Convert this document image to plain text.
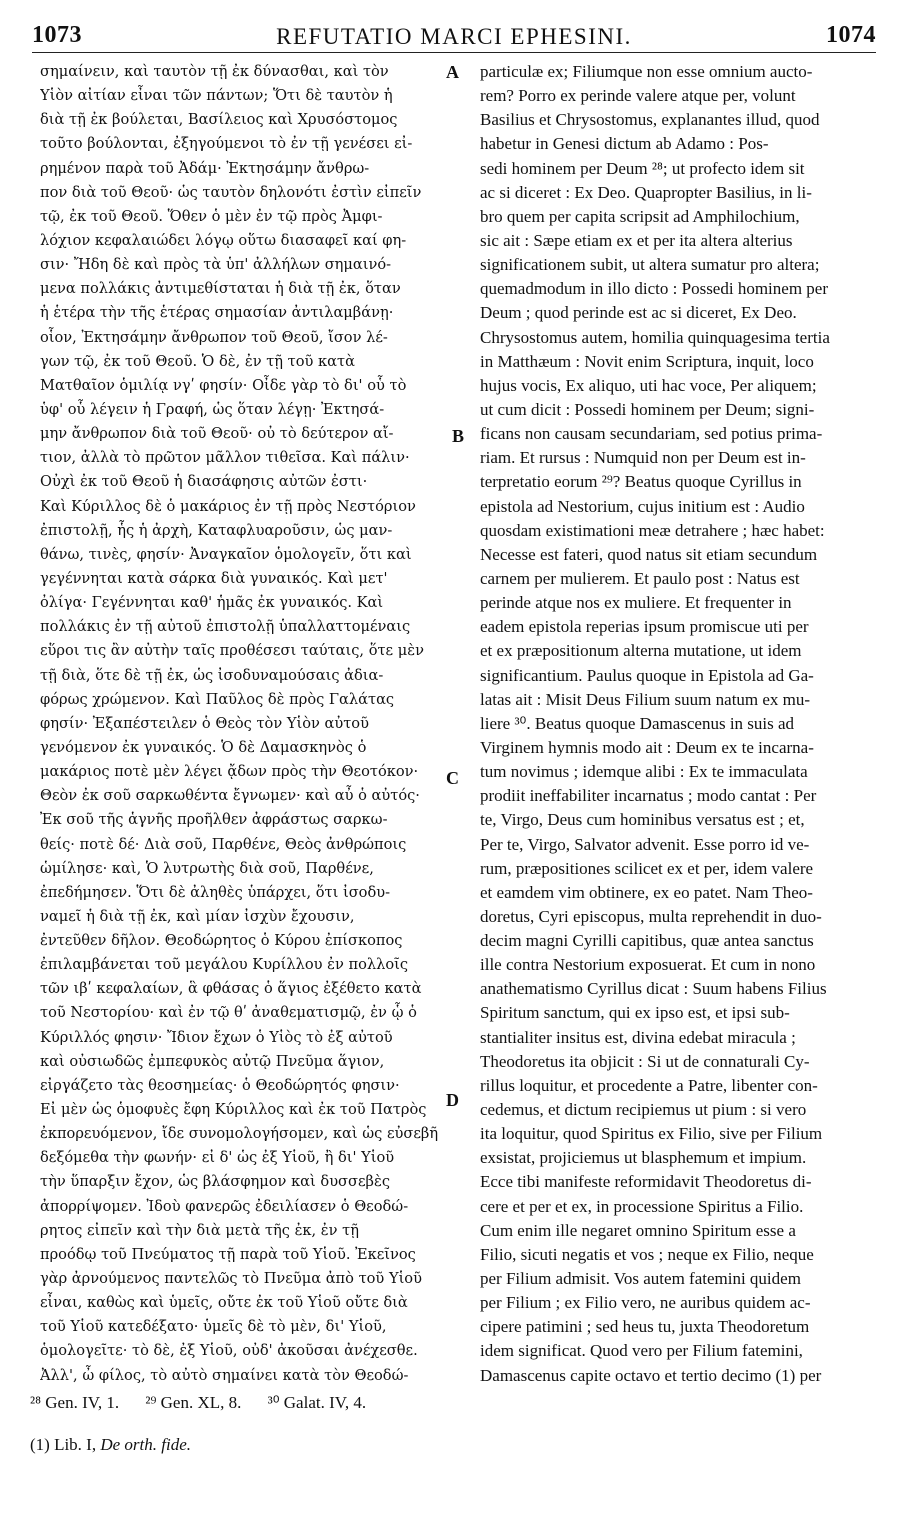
1073	REFUTATIO MARCI EPHESINI.	1074
σημαίνειν, καὶ ταυτὸν τῇ ἐκ δύνασθαι, καὶ τὸν
Υἱὸν αἰτίαν εἶναι τῶν πάντων; Ὅτι δὲ ταυτὸν ἡ
διὰ τῇ ἐκ βούλεται, Βασίλειος καὶ Χρυσόστομος
τοῦτο βούλονται, ἐξηγούμενοι τὸ ἐν τῇ γενέσει εἰ-
ρημένον παρὰ τοῦ Ἀδάμ· Ἐκτησάμην ἄνθρω-
πον διὰ τοῦ Θεοῦ· ὡς ταυτὸν δηλονότι ἐστὶν εἰπεῖν
τῷ, ἐκ τοῦ Θεοῦ. Ὅθεν ὁ μὲν ἐν τῷ πρὸς Ἀμφι-
λόχιον κεφαλαιώδει λόγῳ οὕτω διασαφεῖ καί φη-
σιν· Ἤδη δὲ καὶ πρὸς τὰ ὑπ' ἀλλήλων σημαινό-
μενα πολλάκις ἀντιμεθίσταται ἡ διὰ τῇ ἐκ, ὅταν
ἡ ἑτέρα τὴν τῆς ἑτέρας σημασίαν ἀντιλαμβάνῃ·
οἷον, Ἐκτησάμην ἄνθρωπον τοῦ Θεοῦ, ἴσον λέ-
γων τῷ, ἐκ τοῦ Θεοῦ. Ὁ δὲ, ἐν τῇ τοῦ κατὰ
Ματθαῖον ὁμιλίᾳ νγʹ φησίν· Οἶδε γὰρ τὸ δι' οὗ τὸ
ὑφ' οὗ λέγειν ἡ Γραφή, ὡς ὅταν λέγῃ· Ἐκτησά-
μην ἄνθρωπον διὰ τοῦ Θεοῦ· οὐ τὸ δεύτερον αἴ-
τιον, ἀλλὰ τὸ πρῶτον μᾶλλον τιθεῖσα. Καὶ πάλιν·
Οὐχὶ ἐκ τοῦ Θεοῦ ἡ διασάφησις αὐτῶν ἐστι·
Καὶ Κύριλλος δὲ ὁ μακάριος ἐν τῇ πρὸς Νεστόριον
ἐπιστολῇ, ἧς ἡ ἀρχὴ, Καταφλυαροῦσιν, ὡς μαν-
θάνω, τινὲς, φησίν· Ἀναγκαῖον ὁμολογεῖν, ὅτι καὶ
γεγέννηται κατὰ σάρκα διὰ γυναικός. Καὶ μετ'
ὀλίγα· Γεγέννηται καθ' ἡμᾶς ἐκ γυναικός. Καὶ
πολλάκις ἐν τῇ αὐτοῦ ἐπιστολῇ ὑπαλλαττομέναις
εὕροι τις ἂν αὐτὴν ταῖς προθέσεσι ταύταις, ὅτε μὲν
τῇ διὰ, ὅτε δὲ τῇ ἐκ, ὡς ἰσοδυναμούσαις ἀδια-
φόρως χρώμενον. Καὶ Παῦλος δὲ πρὸς Γαλάτας
φησίν· Ἐξαπέστειλεν ὁ Θεὸς τὸν Υἱὸν αὐτοῦ
γενόμενον ἐκ γυναικός. Ὁ δὲ Δαμασκηνὸς ὁ
μακάριος ποτὲ μὲν λέγει ᾄδων πρὸς τὴν Θεοτόκον·
Θεὸν ἐκ σοῦ σαρκωθέντα ἔγνωμεν· καὶ αὖ ὁ αὐτός·
Ἐκ σοῦ τῆς ἁγνῆς προῆλθεν ἀφράστως σαρκω-
θείς· ποτὲ δέ· Διὰ σοῦ, Παρθένε, Θεὸς ἀνθρώποις
ὡμίλησε· καὶ, Ὁ λυτρωτὴς διὰ σοῦ, Παρθένε,
ἐπεδήμησεν. Ὅτι δὲ ἀληθὲς ὑπάρχει, ὅτι ἰσοδυ-
ναμεῖ ἡ διὰ τῇ ἐκ, καὶ μίαν ἰσχὺν ἔχουσιν,
ἐντεῦθεν δῆλον. Θεοδώρητος ὁ Κύρου ἐπίσκοπος
ἐπιλαμβάνεται τοῦ μεγάλου Κυρίλλου ἐν πολλοῖς
τῶν ιβʹ κεφαλαίων, ἃ φθάσας ὁ ἅγιος ἐξέθετο κατὰ
τοῦ Νεστορίου· καὶ ἐν τῷ θʹ ἀναθεματισμῷ, ἐν ᾧ ὁ
Κύριλλός φησιν· Ἴδιον ἔχων ὁ Υἱὸς τὸ ἐξ αὐτοῦ
καὶ οὐσιωδῶς ἐμπεφυκὸς αὐτῷ Πνεῦμα ἅγιον,
εἰργάζετο τὰς θεοσημείας· ὁ Θεοδώρητός φησιν·
Εἰ μὲν ὡς ὁμοφυὲς ἔφη Κύριλλος καὶ ἐκ τοῦ Πατρὸς
ἐκπορευόμενον, ἴδε συνομολογήσομεν, καὶ ὡς εὐσεβῆ
δεξόμεθα τὴν φωνήν· εἰ δ' ὡς ἐξ Υἱοῦ, ἢ δι' Υἱοῦ
τὴν ὕπαρξιν ἔχον, ὡς βλάσφημον καὶ δυσσεβὲς
ἀπορρίψομεν. Ἰδοὺ φανερῶς ἐδειλίασεν ὁ Θεοδώ-
ρητος εἰπεῖν καὶ τὴν διὰ μετὰ τῆς ἐκ, ἐν τῇ
προόδῳ τοῦ Πνεύματος τῇ παρὰ τοῦ Υἱοῦ. Ἐκεῖνος
γὰρ ἀρνούμενος παντελῶς τὸ Πνεῦμα ἀπὸ τοῦ Υἱοῦ
εἶναι, καθὼς καὶ ὑμεῖς, οὔτε ἐκ τοῦ Υἱοῦ οὔτε διὰ
τοῦ Υἱοῦ κατεδέξατο· ὑμεῖς δὲ τὸ μὲν, δι' Υἱοῦ,
ὁμολογεῖτε· τὸ δὲ, ἐξ Υἱοῦ, οὐδ' ἀκοῦσαι ἀνέχεσθε.
Ἀλλ', ὦ φίλος, τὸ αὐτὸ σημαίνει κατὰ τὸν Θεοδώ-
particulæ ex; Filiumque non esse omnium aucto-
rem? Porro ex perinde valere atque per, volunt
Basilius et Chrysostomus, explanantes illud, quod
habetur in Genesi dictum ab Adamo : Pos-
sedi hominem per Deum ²⁸; ut profecto idem sit
ac si diceret : Ex Deo. Quapropter Basilius, in li-
bro quem per capita scripsit ad Amphilochium,
sic ait : Sæpe etiam ex et per ita altera alterius
significationem subit, ut altera sumatur pro altera;
quemadmodum in illo dicto : Possedi hominem per
Deum ; quod perinde est ac si diceret, Ex Deo.
Chrysostomus autem, homilia quinquagesima tertia
in Matthæum : Novit enim Scriptura, inquit, loco
hujus vocis, Ex aliquo, uti hac voce, Per aliquem;
ut cum dicit : Possedi hominem per Deum; signi-
ficans non causam secundariam, sed potius prima-
riam. Et rursus : Numquid non per Deum est in-
terpretatio eorum ²⁹? Beatus quoque Cyrillus in
epistola ad Nestorium, cujus initium est : Audio
quosdam existimationi meæ detrahere ; hæc habet:
Necesse est fateri, quod natus sit etiam secundum
carnem per mulierem. Et paulo post : Natus est
perinde atque nos ex muliere. Et frequenter in
eadem epistola reperias ipsum promiscue uti per
et ex præpositionum alterna mutatione, ut idem
significantium. Paulus quoque in Epistola ad Ga-
latas ait : Misit Deus Filium suum natum ex mu-
liere ³⁰. Beatus quoque Damascenus in suis ad
Virginem hymnis modo ait : Deum ex te incarna-
tum novimus ; idemque alibi : Ex te immaculata
prodiit ineffabiliter incarnatus ; modo cantat : Per
te, Virgo, Deus cum hominibus versatus est ; et,
Per te, Virgo, Salvator advenit. Esse porro id ve-
rum, præpositiones scilicet ex et per, idem valere
et eamdem vim obtinere, ex eo patet. Nam Theo-
doretus, Cyri episcopus, multa reprehendit in duo-
decim magni Cyrilli capitibus, quæ antea sanctus
ille contra Nestorium exposuerat. Et cum in nono
anathematismo Cyrillus dicat : Suum habens Filius
Spiritum sanctum, qui ex ipso est, et ipsi sub-
stantialiter insitus est, divina edebat miracula ;
Theodoretus ita objicit : Si ut de connaturali Cy-
rillus loquitur, et procedente a Patre, libenter con-
cedemus, et dictum recipiemus ut pium : si vero
ita loquitur, quod Spiritus ex Filio, sive per Filium
exsistat, projiciemus ut blasphemum et impium.
Ecce tibi manifeste reformidavit Theodoretus di-
cere et per et ex, in processione Spiritus a Filio.
Cum enim ille negaret omnino Spiritum esse a
Filio, sicuti negatis et vos ; neque ex Filio, neque
per Filium admisit. Vos autem fatemini quidem
per Filium ; ex Filio vero, ne auribus quidem ac-
cipere patimini ; sed heus tu, juxta Theodoretum
idem significat. Quod vero per Filium fatemini,
Damascenus capite octavo et tertio decimo (1) per
A
B
C
D
²⁸ Gen. IV, 1. ²⁹ Gen. XL, 8. ³⁰ Galat. IV, 4.
(1) Lib. I, De orth. fide.
